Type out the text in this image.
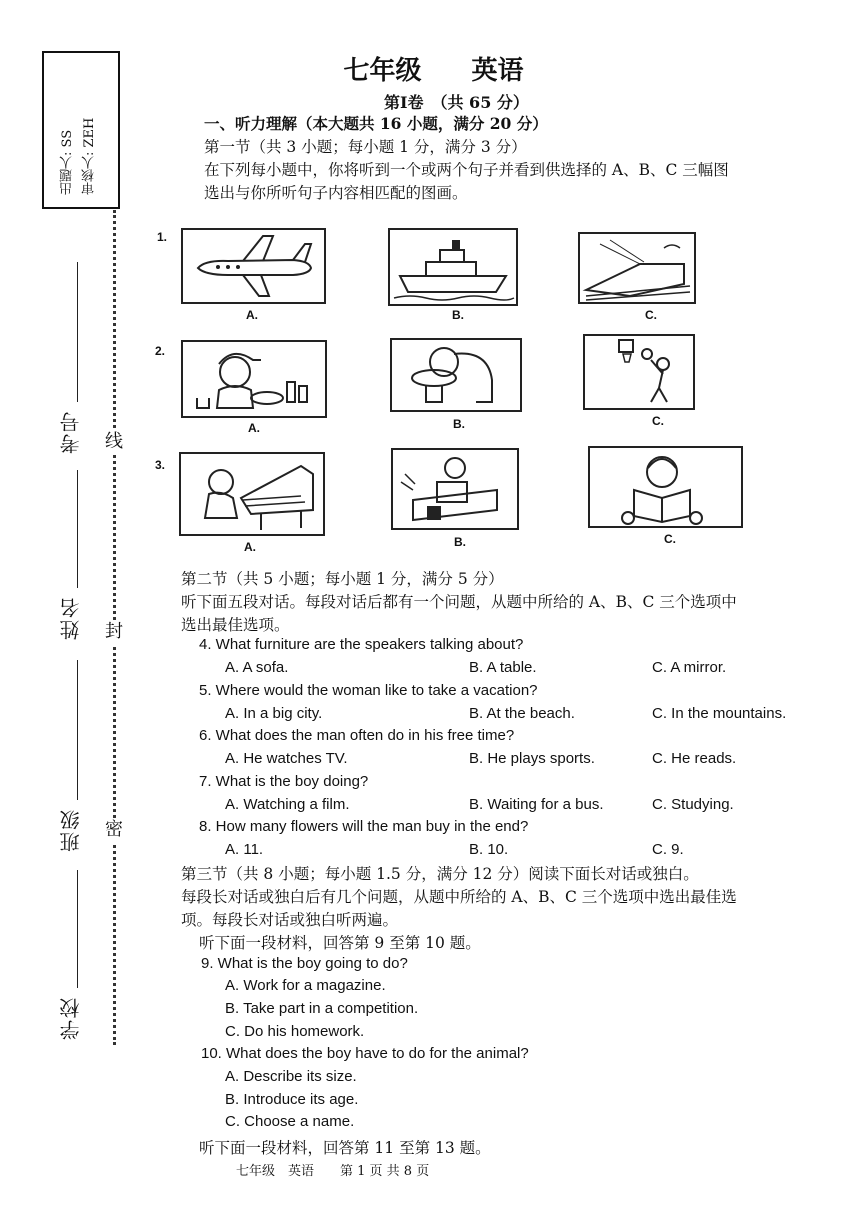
出题人: SS 审核人: ZEH
考号
姓名
班级
学校
线
封
密
七年级 英语
第Ⅰ卷　（共 65 分）
一、听力理解（本大题共 16 小题，满分 20 分）
第一节（共 3 小题；每小题 1 分，满分 3 分）
在下列每小题中，你将听到一个或两个句子并看到供选择的 A、B、C 三幅图
选出与你所听句子内容相匹配的图画。
1.
A.	B.	C.
2.
A.	B.	C.
3.
A.	B.	C.
第二节（共 5 小题；每小题 1 分，满分 5 分）
听下面五段对话。每段对话后都有一个问题，从题中所给的 A、B、C 三个选项中
选出最佳选项。
4. What furniture are the speakers talking about?
A. A sofa.	B. A table.	C. A mirror.
5. Where would the woman like to take a vacation?
A. In a big city.	B. At the beach.	C. In the mountains.
6. What does the man often do in his free time?
A. He watches TV.	B. He plays sports.	C. He reads.
7. What is the boy doing?
A. Watching a film.	B. Waiting for a bus.	C. Studying.
8. How many flowers will the man buy in the end?
A. 11.	B. 10.	C. 9.
第三节（共 8 小题；每小题 1.5 分，满分 12 分）阅读下面长对话或独白。
每段长对话或独白后有几个问题，从题中所给的 A、B、C 三个选项中选出最佳选
项。每段长对话或独白听两遍。
听下面一段材料，回答第 9 至第 10 题。
9. What is the boy going to do?
A. Work for a magazine.
B. Take part in a competition.
C. Do his homework.
10. What does the boy have to do for the animal?
A. Describe its size.
B. Introduce its age.
C. Choose a name.
听下面一段材料，回答第 11 至第 13 题。
七年级　英语　　第 1 页 共 8 页
